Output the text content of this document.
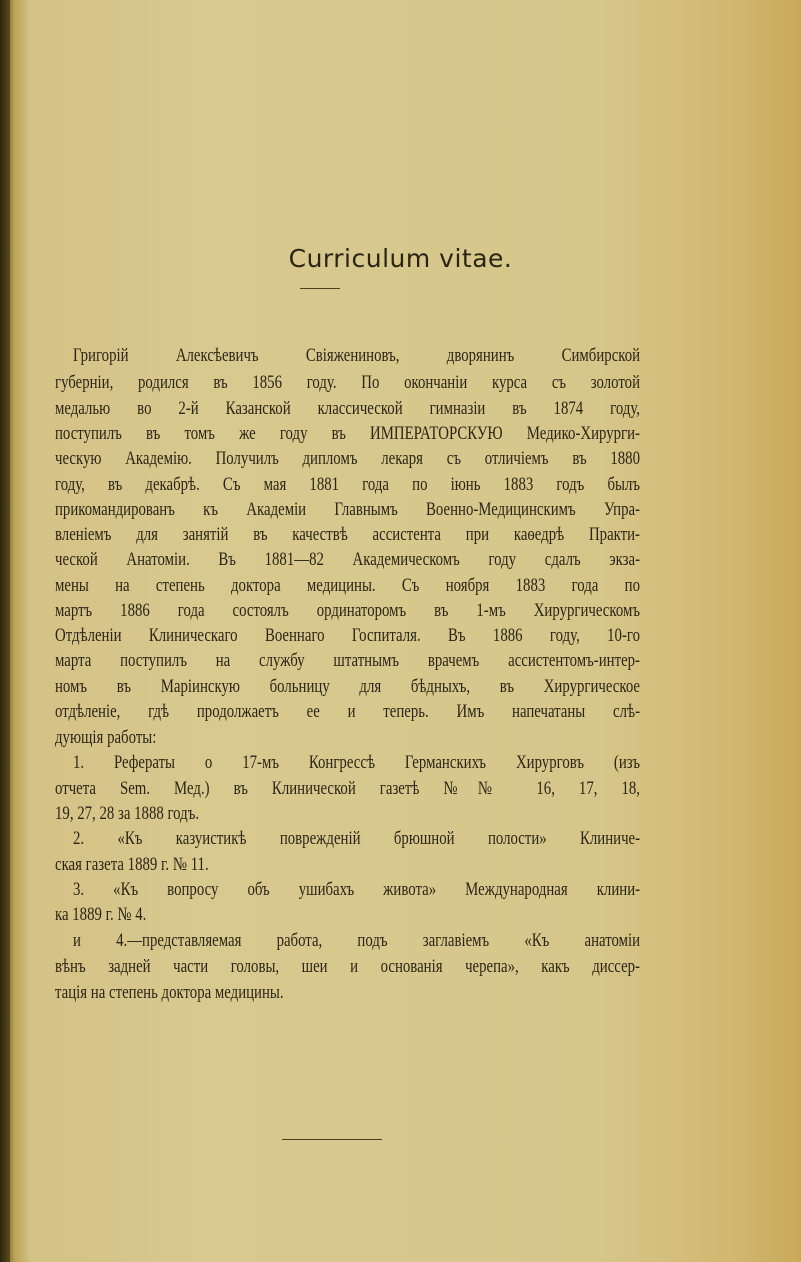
Curriculum vitae.
Григорій Алексѣевичъ Свіяжениновъ, дворянинъ Симбирской
губерніи, родился въ 1856 году. По окончаніи курса съ золотой
медалью во 2-й Казанской классической гимназіи въ 1874 году,
поступилъ въ томъ же году въ ИМПЕРАТОРСКУЮ Медико-Хирурги-
ческую Академію. Получилъ дипломъ лекаря съ отличіемъ въ 1880
году, въ декабрѣ. Съ мая 1881 года по іюнь 1883 годъ былъ
прикомандированъ къ Академіи Главнымъ Военно-Медицинскимъ Упра-
вленіемъ для занятій въ качествѣ ассистента при каѳедрѣ Практи-
ческой Анатоміи. Въ 1881—82 Академическомъ году сдалъ экза-
мены на степень доктора медицины. Съ ноября 1883 года по
мартъ 1886 года состоялъ ординаторомъ въ 1-мъ Хирургическомъ
Отдѣленіи Клиническаго Военнаго Госпиталя. Въ 1886 году, 10-го
марта поступилъ на службу штатнымъ врачемъ ассистентомъ-интер-
номъ въ Маріинскую больницу для бѣдныхъ, въ Хирургическое
отдѣленіе, гдѣ продолжаетъ ее и теперь. Имъ напечатаны слѣ-
дующія работы:
1. Рефераты о 17-мъ Конгрессѣ Германскихъ Хирурговъ (изъ
отчета Sem. Мед.) въ Клинической газетѣ №№ 16, 17, 18,
19, 27, 28 за 1888 годъ.
2. «Къ казуистикѣ поврежденій брюшной полости» Клиниче-
ская газета 1889 г. № 11.
3. «Къ вопросу объ ушибахъ живота» Международная клини-
ка 1889 г. № 4.
и 4.—представляемая работа, подъ заглавіемъ «Къ анатоміи
вѣнъ задней части головы, шеи и основанія черепа», какъ диссер-
тація на степень доктора медицины.
